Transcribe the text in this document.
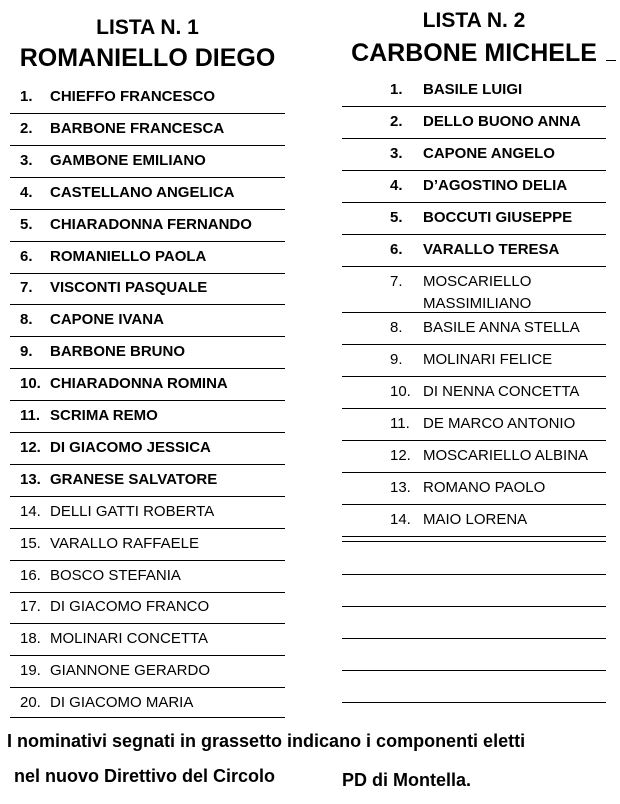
LISTA N. 1
ROMANIELLO DIEGO
1. CHIEFFO FRANCESCO
2. BARBONE FRANCESCA
3. GAMBONE EMILIANO
4. CASTELLANO ANGELICA
5. CHIARADONNA FERNANDO
6. ROMANIELLO PAOLA
7. VISCONTI PASQUALE
8. CAPONE IVANA
9. BARBONE BRUNO
10. CHIARADONNA ROMINA
11. SCRIMA REMO
12. DI GIACOMO JESSICA
13. GRANESE SALVATORE
14. DELLI GATTI ROBERTA
15. VARALLO RAFFAELE
16. BOSCO STEFANIA
17. DI GIACOMO FRANCO
18. MOLINARI CONCETTA
19. GIANNONE GERARDO
20. DI GIACOMO MARIA
LISTA N. 2
CARBONE MICHELE
1. BASILE LUIGI
2. DELLO BUONO ANNA
3. CAPONE ANGELO
4. D’AGOSTINO DELIA
5. BOCCUTI GIUSEPPE
6. VARALLO TERESA
7. MOSCARIELLO MASSIMILIANO
8. BASILE ANNA STELLA
9. MOLINARI FELICE
10. DI NENNA CONCETTA
11. DE MARCO ANTONIO
12. MOSCARIELLO ALBINA
13. ROMANO PAOLO
14. MAIO LORENA
I nominativi segnati in grassetto indicano i componenti eletti
nel nuovo Direttivo del Circolo	PD di Montella.
